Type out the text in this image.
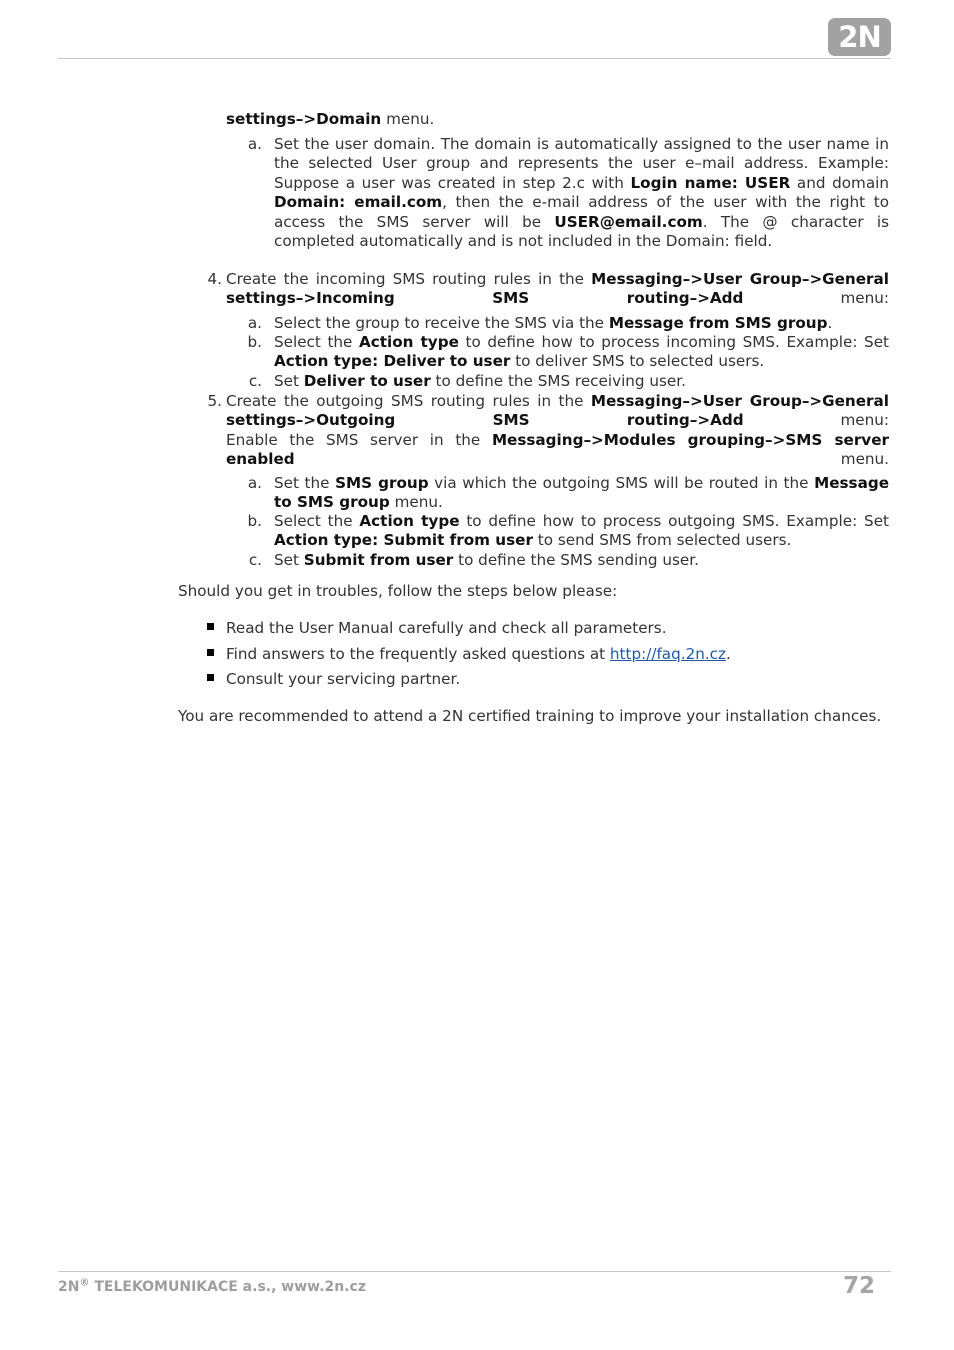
2N
settings–>Domain menu.
a. Set the user domain. The domain is automatically assigned to the user name in the selected User group and represents the user e–mail address. Example: Suppose a user was created in step 2.c with Login name: USER and domain Domain: email.com, then the e-mail address of the user with the right to access the SMS server will be USER@email.com. The @ character is completed automatically and is not included in the Domain: field.
4. Create the incoming SMS routing rules in the Messaging–>User Group–>General settings–>Incoming SMS routing–>Add menu:
a. Select the group to receive the SMS via the Message from SMS group.
b. Select the Action type to define how to process incoming SMS. Example: Set Action type: Deliver to user to deliver SMS to selected users.
c. Set Deliver to user to define the SMS receiving user.
5. Create the outgoing SMS routing rules in the Messaging–>User Group–>General settings–>Outgoing SMS routing–>Add menu:
Enable the SMS server in the Messaging–>Modules grouping–>SMS server enabled menu.
a. Set the SMS group via which the outgoing SMS will be routed in the Message to SMS group menu.
b. Select the Action type to define how to process outgoing SMS. Example: Set Action type: Submit from user to send SMS from selected users.
c. Set Submit from user to define the SMS sending user.
Should you get in troubles, follow the steps below please:
Read the User Manual carefully and check all parameters.
Find answers to the frequently asked questions at http://faq.2n.cz.
Consult your servicing partner.
You are recommended to attend a 2N certified training to improve your installation chances.
2N® TELEKOMUNIKACE a.s., www.2n.cz	72
